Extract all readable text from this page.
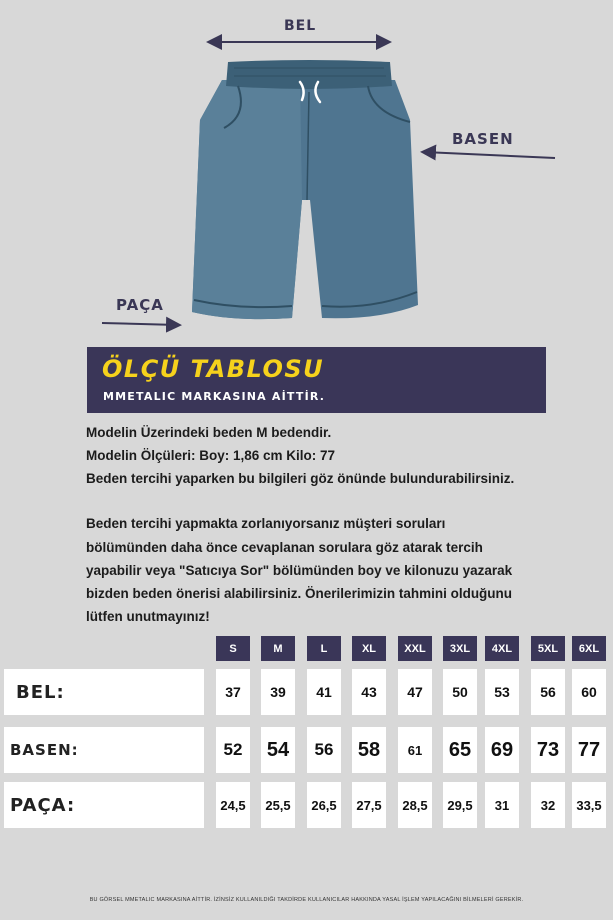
BEL
BASEN
PAÇA
ÖLÇÜ TABLOSU
MMETALIC MARKASINA AİTTİR.
Modelin Üzerindeki beden M bedendir.
Modelin Ölçüleri: Boy: 1,86 cm Kilo: 77
Beden tercihi yaparken bu bilgileri göz önünde bulundurabilirsiniz.
Beden tercihi yapmakta zorlanıyorsanız müşteri soruları
bölümünden daha önce cevaplanan sorulara göz atarak tercih
yapabilir veya "Satıcıya Sor" bölümünden boy ve kilonuzu yazarak
bizden beden önerisi alabilirsiniz. Önerilerimizin tahmini olduğunu
lütfen unutmayınız!
S	M	L	XL	XXL	3XL	4XL	5XL	6XL
BEL:	37	39	41	43	47	50	53	56	60
BASEN:	52	54	56	58	61	65 69 73 77
PAÇA:	24,5	25,5	26,5	27,5	28,5	29,5	31	32	33,5
BU GÖRSEL MMETALIC MARKASINA AİTTİR. İZİNSİZ KULLANILDIĞI TAKDİRDE KULLANICILAR HAKKINDA YASAL İŞLEM YAPILACAĞINI BİLMELERİ GEREKİR.
